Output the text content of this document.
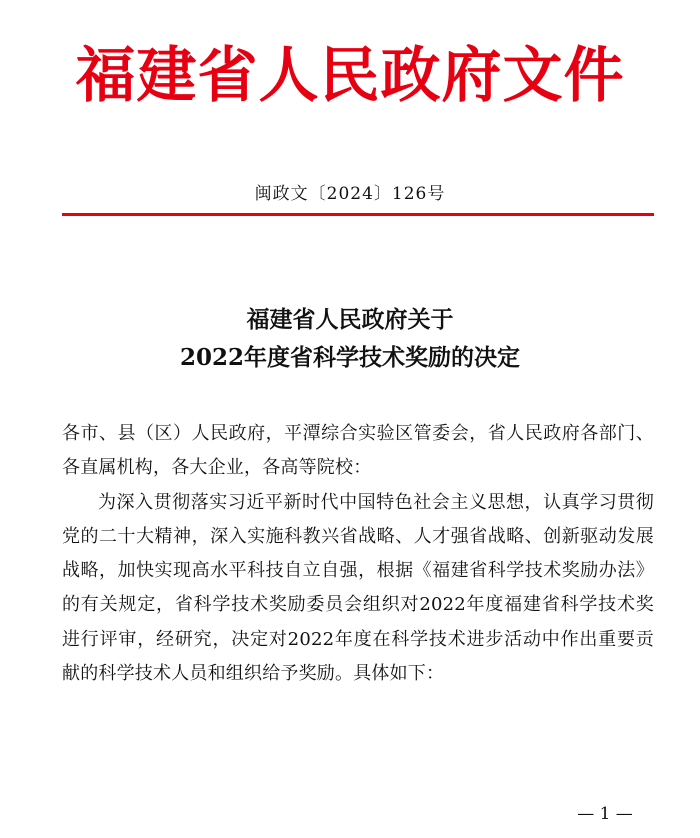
福建省人民政府文件
闽政文〔2024〕126号
福建省人民政府关于
2022年度省科学技术奖励的决定

各市、县（区）人民政府，平潭综合实验区管委会，省人民政府各部门、各直属机构，各大企业，各高等院校：

为深入贯彻落实习近平新时代中国特色社会主义思想，认真学习贯彻党的二十大精神，深入实施科教兴省战略、人才强省战略、创新驱动发展战略，加快实现高水平科技自立自强，根据《福建省科学技术奖励办法》的有关规定，省科学技术奖励委员会组织对2022年度福建省科学技术奖进行评审，经研究，决定对2022年度在科学技术进步活动中作出重要贡献的科学技术人员和组织给予奖励。具体如下：

— 1 —
